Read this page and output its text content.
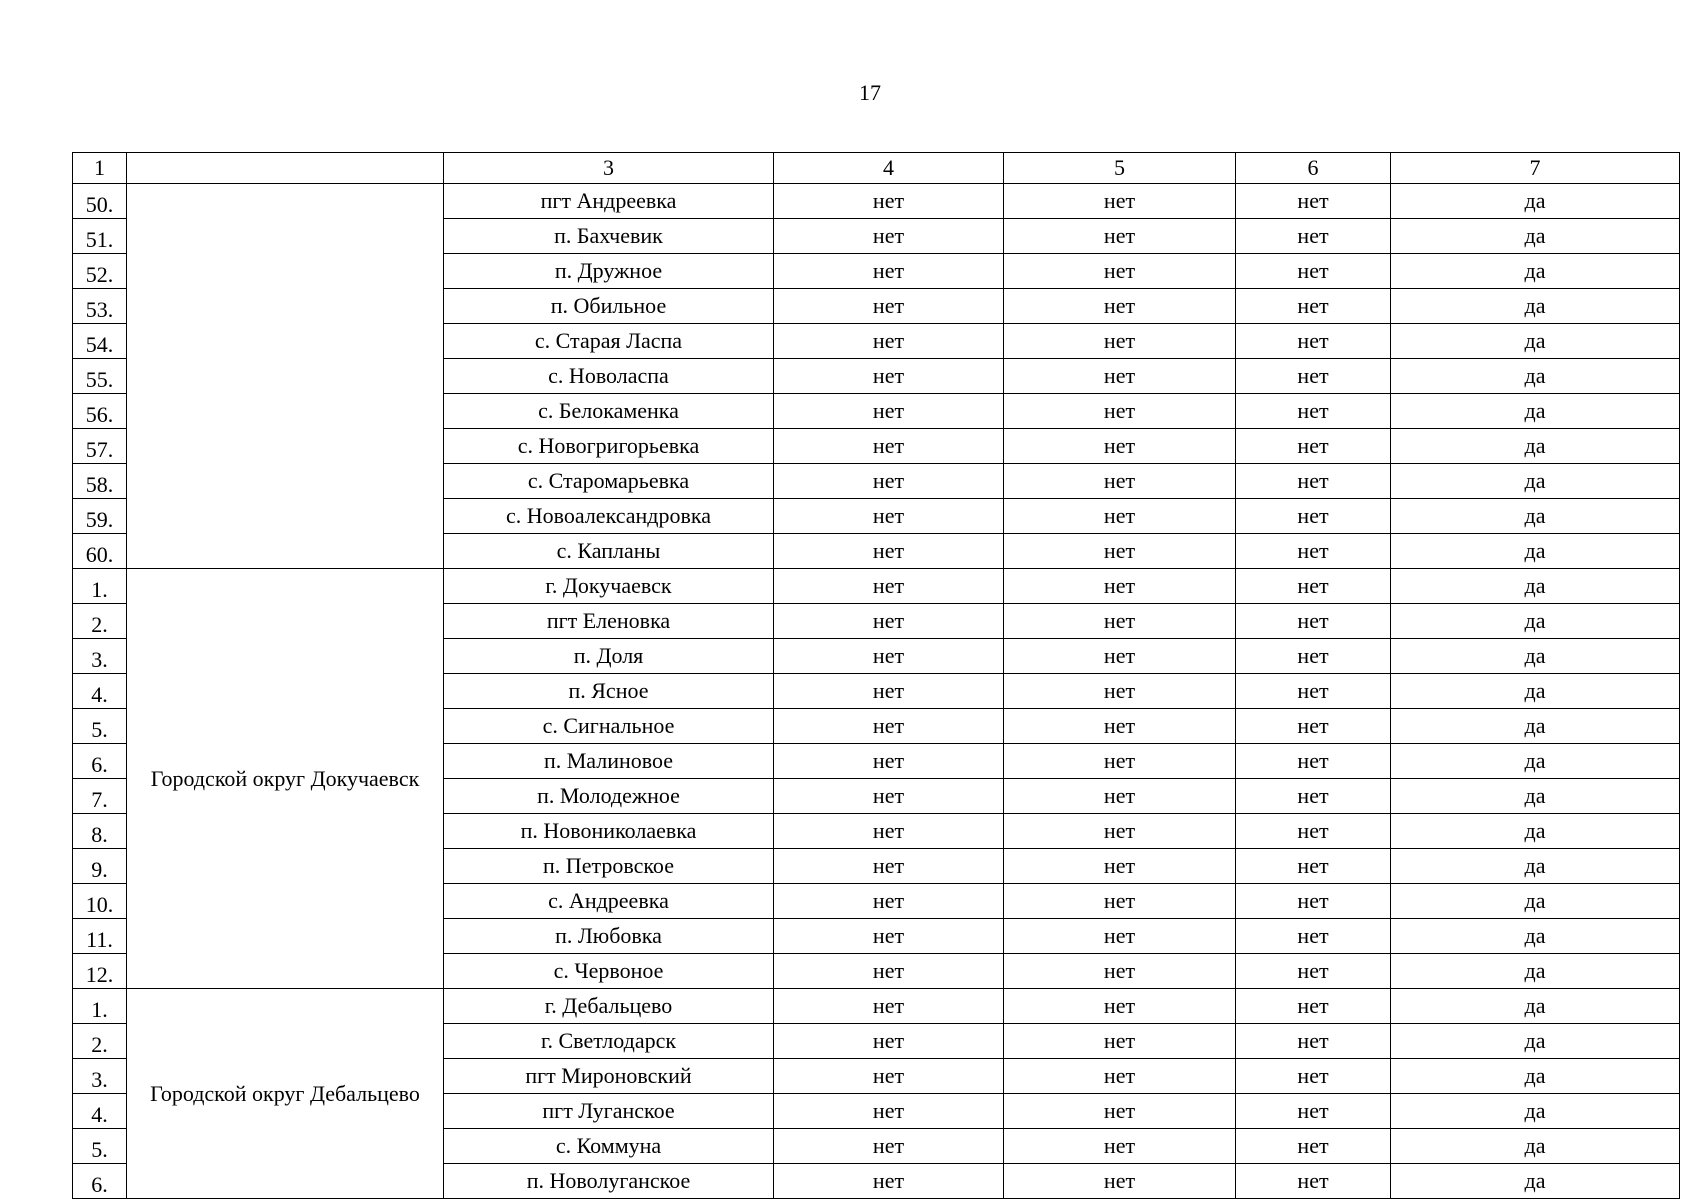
17
1		3	4	5	6	7
50.		пгт Андреевка	нет	нет	нет	да
51.		п. Бахчевик	нет	нет	нет	да
52.		п. Дружное	нет	нет	нет	да
53.		п. Обильное	нет	нет	нет	да
54.		с. Старая Ласпа	нет	нет	нет	да
55.		с. Новоласпа	нет	нет	нет	да
56.		с. Белокаменка	нет	нет	нет	да
57.		с. Новогригорьевка	нет	нет	нет	да
58.		с. Старомарьевка	нет	нет	нет	да
59.		с. Новоалександровка	нет	нет	нет	да
60.		с. Капланы	нет	нет	нет	да
1.	Городской округ Докучаевск	г. Докучаевск	нет	нет	нет	да
2.		пгт Еленовка	нет	нет	нет	да
3.		п. Доля	нет	нет	нет	да
4.		п. Ясное	нет	нет	нет	да
5.		с. Сигнальное	нет	нет	нет	да
6.		п. Малиновое	нет	нет	нет	да
7.		п. Молодежное	нет	нет	нет	да
8.		п. Новониколаевка	нет	нет	нет	да
9.		п. Петровское	нет	нет	нет	да
10.		с. Андреевка	нет	нет	нет	да
11.		п. Любовка	нет	нет	нет	да
12.		с. Червоное	нет	нет	нет	да
1.	Городской округ Дебальцево	г. Дебальцево	нет	нет	нет	да
2.		г. Светлодарск	нет	нет	нет	да
3.		пгт Мироновский	нет	нет	нет	да
4.		пгт Луганское	нет	нет	нет	да
5.		с. Коммуна	нет	нет	нет	да
6.		п. Новолуганское	нет	нет	нет	да
